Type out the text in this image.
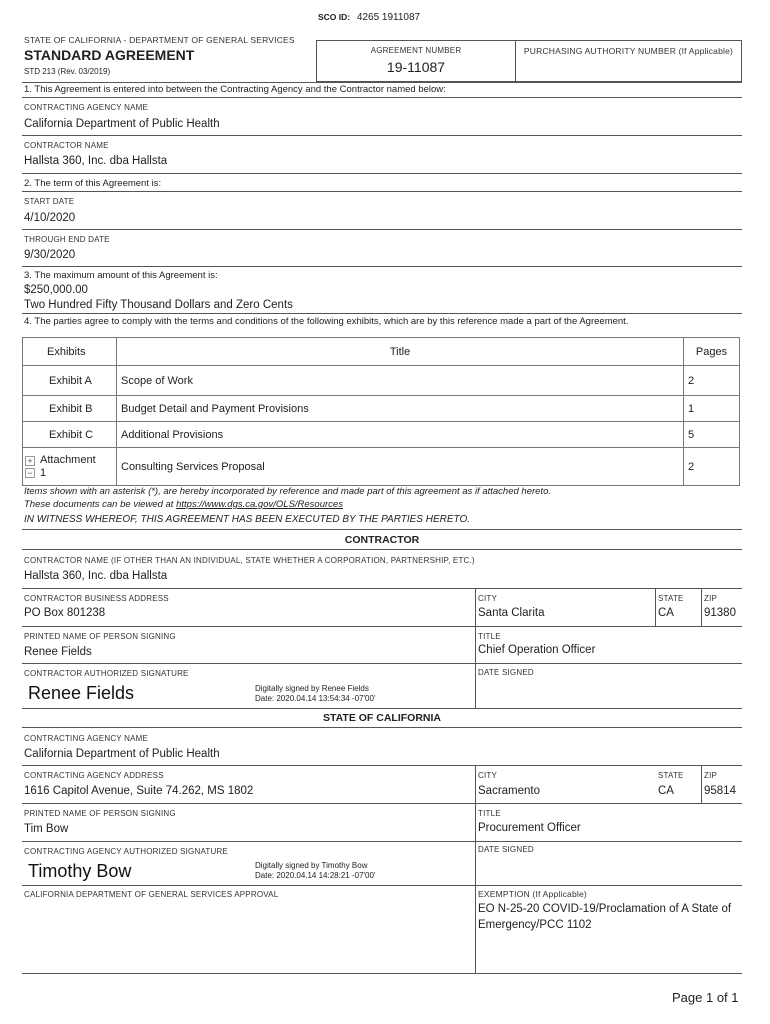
SCO ID: 4265 1911087
STATE OF CALIFORNIA - DEPARTMENT OF GENERAL SERVICES
STANDARD AGREEMENT
STD 213 (Rev. 03/2019)
AGREEMENT NUMBER
19-11087
PURCHASING AUTHORITY NUMBER (If Applicable)
1. This Agreement is entered into between the Contracting Agency and the Contractor named below:
CONTRACTING AGENCY NAME
California Department of Public Health
CONTRACTOR NAME
Hallsta 360, Inc. dba Hallsta
2. The term of this Agreement is:
START DATE
4/10/2020
THROUGH END DATE
9/30/2020
3. The maximum amount of this Agreement is:
$250,000.00
Two Hundred Fifty Thousand Dollars and Zero Cents
4. The parties agree to comply with the terms and conditions of the following exhibits, which are by this reference made a part of the Agreement.
Exhibits	Title	Pages
Exhibit A	Scope of Work	2
Exhibit B	Budget Detail and Payment Provisions	1
Exhibit C	Additional Provisions	5

+
−
Attachment 1	Consulting Services Proposal	2
Items shown with an asterisk (*), are hereby incorporated by reference and made part of this agreement as if attached hereto.
These documents can be viewed at https://www.dgs.ca.gov/OLS/Resources
IN WITNESS WHEREOF, THIS AGREEMENT HAS BEEN EXECUTED BY THE PARTIES HERETO.
CONTRACTOR
CONTRACTOR NAME (IF OTHER THAN AN INDIVIDUAL, STATE WHETHER A CORPORATION, PARTNERSHIP, ETC.)
Hallsta 360, Inc. dba Hallsta
CONTRACTOR BUSINESS ADDRESS
PO Box 801238
CITY
Santa Clarita
STATE
CA
ZIP
91380
PRINTED NAME OF PERSON SIGNING
Renee Fields
TITLE
Chief Operation Officer
CONTRACTOR AUTHORIZED SIGNATURE
Renee Fields	Digitally signed by Renee Fields
Date: 2020.04.14 13:54:34 -07'00'
DATE SIGNED
STATE OF CALIFORNIA
CONTRACTING AGENCY NAME
California Department of Public Health
CONTRACTING AGENCY ADDRESS
1616 Capitol Avenue, Suite 74.262, MS 1802
CITY
Sacramento
STATE
CA
ZIP
95814
PRINTED NAME OF PERSON SIGNING
Tim Bow
TITLE
Procurement Officer
CONTRACTING AGENCY AUTHORIZED SIGNATURE
Timothy Bow	Digitally signed by Timothy Bow
Date: 2020.04.14 14:28:21 -07'00'
DATE SIGNED
CALIFORNIA DEPARTMENT OF GENERAL SERVICES APPROVAL	EXEMPTION (If Applicable)
EO N-25-20 COVID-19/Proclamation of A State of
Emergency/PCC 1102
Page 1 of 1
